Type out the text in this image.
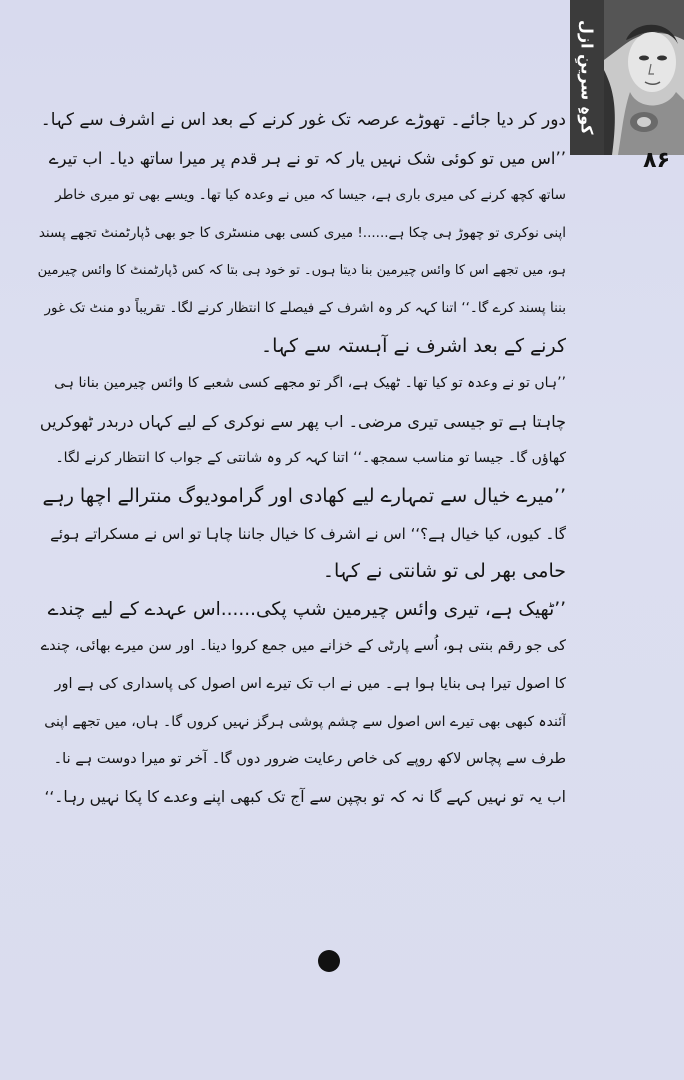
کوہِ سرینِ ازل
۸۶
دور کر دیا جائے۔ تھوڑے عرصہ تک غور کرنے کے بعد اس نے اشرف سے کہا۔
’’اس میں تو کوئی شک نہیں یار کہ تو نے ہر قدم پر میرا ساتھ دیا۔ اب تیرے
ساتھ کچھ کرنے کی میری باری ہے، جیسا کہ میں نے وعدہ کیا تھا۔ ویسے بھی تو میری خاطر
اپنی نوکری تو چھوڑ ہی چکا ہے......! میری کسی بھی منسٹری کا جو بھی ڈپارٹمنٹ تجھے پسند
ہو، میں تجھے اس کا وائس چیرمین بنا دیتا ہوں۔ تو خود ہی بتا کہ کس ڈپارٹمنٹ کا وائس چیرمین
بننا پسند کرے گا۔‘‘ اتنا کہہ کر وہ اشرف کے فیصلے کا انتظار کرنے لگا۔ تقریباً دو منٹ تک غور
کرنے کے بعد اشرف نے آہستہ سے کہا۔
’’ہاں تو نے وعدہ تو کیا تھا۔ ٹھیک ہے، اگر تو مجھے کسی شعبے کا وائس چیرمین بنانا ہی
چاہتا ہے تو جیسی تیری مرضی۔ اب پھر سے نوکری کے لیے کہاں دربدر ٹھوکریں
کھاؤں گا۔ جیسا تو مناسب سمجھ۔‘‘ اتنا کہہ کر وہ شانتی کے جواب کا انتظار کرنے لگا۔
’’میرے خیال سے تمہارے لیے کھادی اور گرامودیوگ منترالے اچھا رہے
گا۔ کیوں، کیا خیال ہے؟‘‘ اس نے اشرف کا خیال جاننا چاہا تو اس نے مسکراتے ہوئے
حامی بھر لی تو شانتی نے کہا۔
’’ٹھیک ہے، تیری وائس چیرمین شپ پکی......اس عہدے کے لیے چندے
کی جو رقم بنتی ہو، اُسے پارٹی کے خزانے میں جمع کروا دینا۔ اور سن میرے بھائی، چندے
کا اصول تیرا ہی بنایا ہوا ہے۔ میں نے اب تک تیرے اس اصول کی پاسداری کی ہے اور
آئندہ کبھی بھی تیرے اس اصول سے چشم پوشی ہرگز نہیں کروں گا۔ ہاں، میں تجھے اپنی
طرف سے پچاس لاکھ روپے کی خاص رعایت ضرور دوں گا۔ آخر تو میرا دوست ہے نا۔
اب یہ تو نہیں کہے گا نہ کہ تو بچپن سے آج تک کبھی اپنے وعدے کا پکا نہیں رہا۔‘‘
